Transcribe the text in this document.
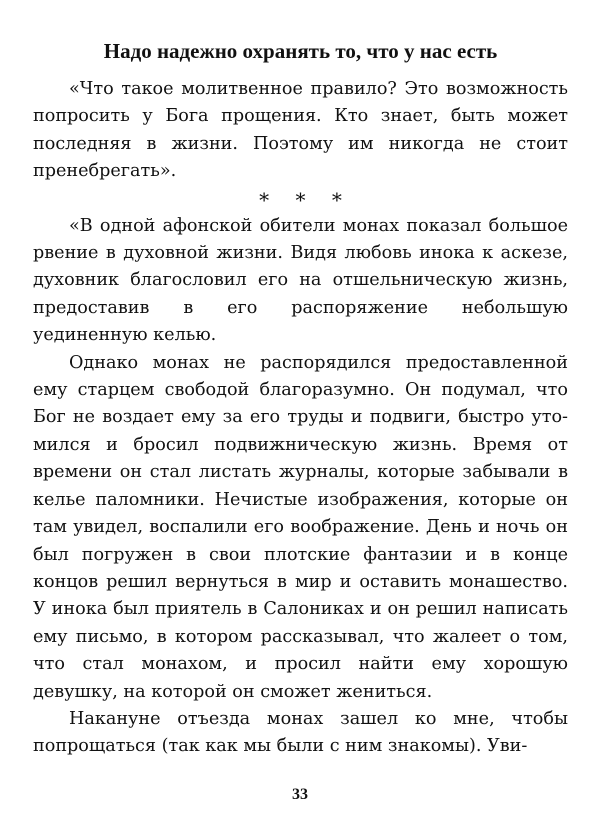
Надо надежно охранять то, что у нас есть

«Что такое молитвенное правило? Это возможность попросить у Бога прощения. Кто знает, быть может последняя в жизни. Поэтому им никогда не стоит пренебрегать».

* * *

«В одной афонской обители монах показал большое рвение в духовной жизни. Видя любовь инока к аскезе, духовник благословил его на отшельническую жизнь, предоставив в его распоряжение небольшую уединенную келью.

Однако монах не распорядился предоставленной ему старцем свободой благоразумно. Он подумал, что Бог не воздает ему за его труды и подвиги, быстро утомился и бросил подвижническую жизнь. Время от времени он стал листать журналы, которые забывали в келье паломники. Нечистые изображения, которые он там увидел, воспалили его воображение. День и ночь он был погружен в свои плотские фантазии и в конце концов решил вернуться в мир и оставить монашество. У инока был приятель в Салониках и он решил написать ему письмо, в котором рассказывал, что жалеет о том, что стал монахом, и просил найти ему хорошую девушку, на которой он сможет жениться.

Накануне отъезда монах зашел ко мне, чтобы попрощаться (так как мы были с ним знакомы). Уви-

33
